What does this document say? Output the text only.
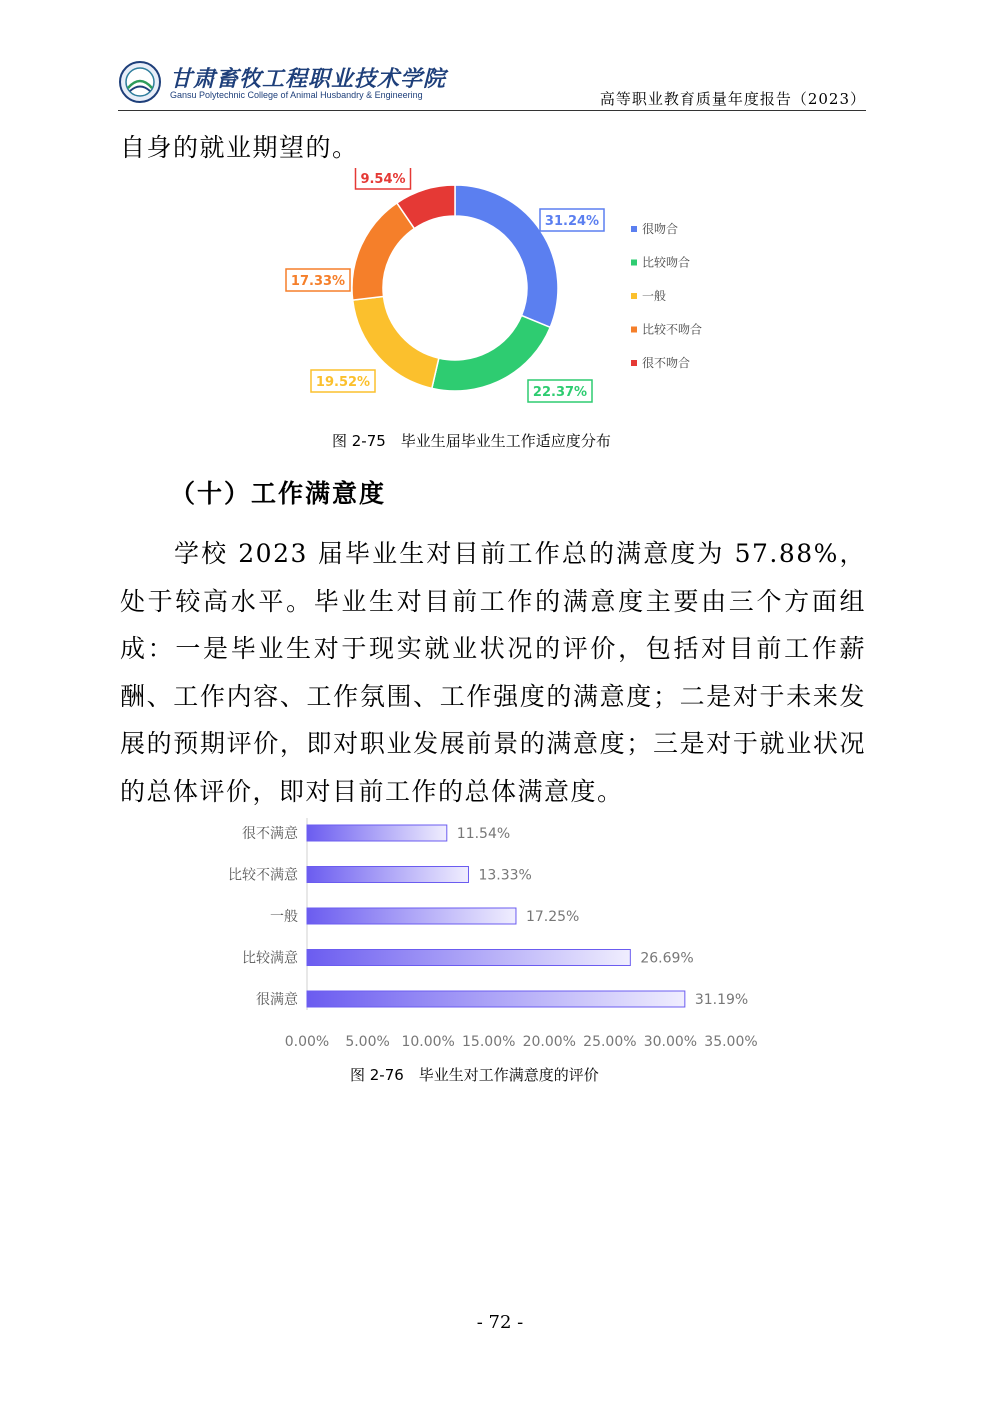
甘肃畜牧工程职业技术学院
Gansu Polytechnic College of Animal Husbandry & Engineering	高等职业教育质量年度报告（2023）
自身的就业期望的。
31.24%
22.37%
19.52%
17.33%
9.54%
很吻合
比较吻合
一般
比较不吻合
很不吻合
图 2-75　毕业生届毕业生工作适应度分布
（十）工作满意度
学校 2023 届毕业生对目前工作总的满意度为 57.88%，处于较高水平。毕业生对目前工作的满意度主要由三个方面组成：一是毕业生对于现实就业状况的评价，包括对目前工作薪酬、工作内容、工作氛围、工作强度的满意度；二是对于未来发展的预期评价，即对职业发展前景的满意度；三是对于就业状况的总体评价，即对目前工作的总体满意度。
很不满意	11.54%
比较不满意	13.33%
一般	17.25%
比较满意	26.69%
很满意	31.19%
0.00% 5.00% 10.00% 15.00% 20.00% 25.00% 30.00% 35.00%
图 2-76　毕业生对工作满意度的评价
- 72 -
